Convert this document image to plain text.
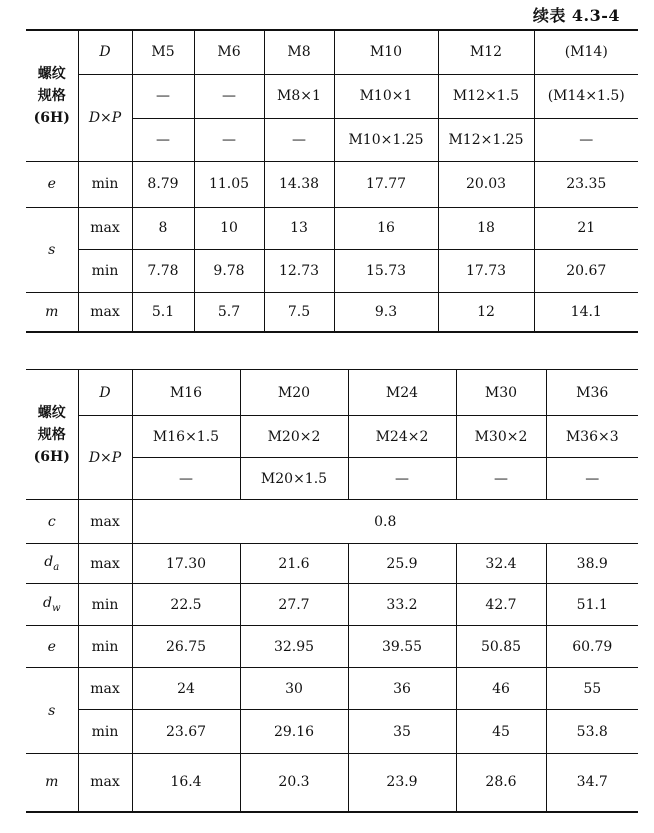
续表 4.3-4
螺纹
规格
(6H)	D	M5	M6	M8	M10	M12	(M14)
	D×P	—	—	M8×1	M10×1	M12×1.5	(M14×1.5)
		—	—	—	M10×1.25	M12×1.25	—
e	min	8.79	11.05	14.38	17.77	20.03	23.35
s	max	8	10	13	16	18	21
	min	7.78	9.78	12.73	15.73	17.73	20.67
m	max	5.1	5.7	7.5	9.3	12	14.1
螺纹
规格
(6H)	D	M16	M20	M24	M30	M36
	D×P	M16×1.5	M20×2	M24×2	M30×2	M36×3
		—	M20×1.5	—	—	—
c	max	0.8				
$d_a$	max	17.30	21.6	25.9	32.4	38.9
$d_w$	min	22.5	27.7	33.2	42.7	51.1
e	min	26.75	32.95	39.55	50.85	60.79
s	max	24	30	36	46	55
	min	23.67	29.16	35	45	53.8
m	max	16.4	20.3	23.9	28.6	34.7
